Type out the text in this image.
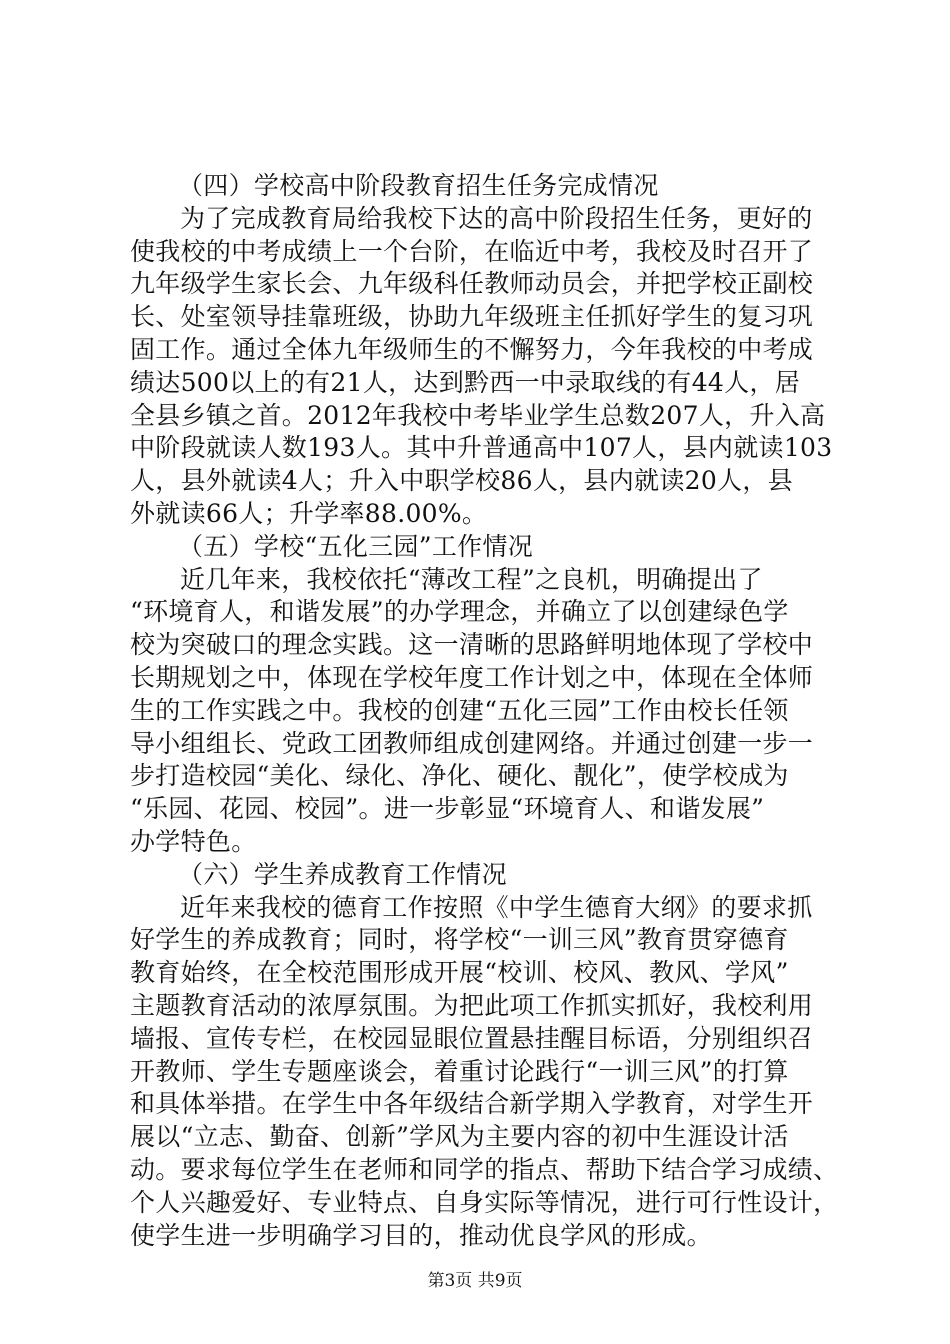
（四）学校高中阶段教育招生任务完成情况
为了完成教育局给我校下达的高中阶段招生任务，更好的
使我校的中考成绩上一个台阶，在临近中考，我校及时召开了
九年级学生家长会、九年级科任教师动员会，并把学校正副校
长、处室领导挂靠班级，协助九年级班主任抓好学生的复习巩
固工作。通过全体九年级师生的不懈努力，今年我校的中考成
绩达500以上的有21人，达到黔西一中录取线的有44人，居
全县乡镇之首。2012年我校中考毕业学生总数207人，升入高
中阶段就读人数193人。其中升普通高中107人，县内就读103
人，县外就读4人；升入中职学校86人，县内就读20人，县
外就读66人；升学率88.00%。
（五）学校“五化三园”工作情况
近几年来，我校依托“薄改工程”之良机，明确提出了
“环境育人，和谐发展”的办学理念，并确立了以创建绿色学
校为突破口的理念实践。这一清晰的思路鲜明地体现了学校中
长期规划之中，体现在学校年度工作计划之中，体现在全体师
生的工作实践之中。我校的创建“五化三园”工作由校长任领
导小组组长、党政工团教师组成创建网络。并通过创建一步一
步打造校园“美化、绿化、净化、硬化、靓化”，使学校成为
“乐园、花园、校园”。进一步彰显“环境育人、和谐发展”
办学特色。
（六）学生养成教育工作情况
近年来我校的德育工作按照《中学生德育大纲》的要求抓
好学生的养成教育；同时，将学校“一训三风”教育贯穿德育
教育始终，在全校范围形成开展“校训、校风、教风、学风”
主题教育活动的浓厚氛围。为把此项工作抓实抓好，我校利用
墙报、宣传专栏，在校园显眼位置悬挂醒目标语，分别组织召
开教师、学生专题座谈会，着重讨论践行“一训三风”的打算
和具体举措。在学生中各年级结合新学期入学教育，对学生开
展以“立志、勤奋、创新”学风为主要内容的初中生涯设计活
动。要求每位学生在老师和同学的指点、帮助下结合学习成绩、
个人兴趣爱好、专业特点、自身实际等情况，进行可行性设计，
使学生进一步明确学习目的，推动优良学风的形成。
第3页 共9页
